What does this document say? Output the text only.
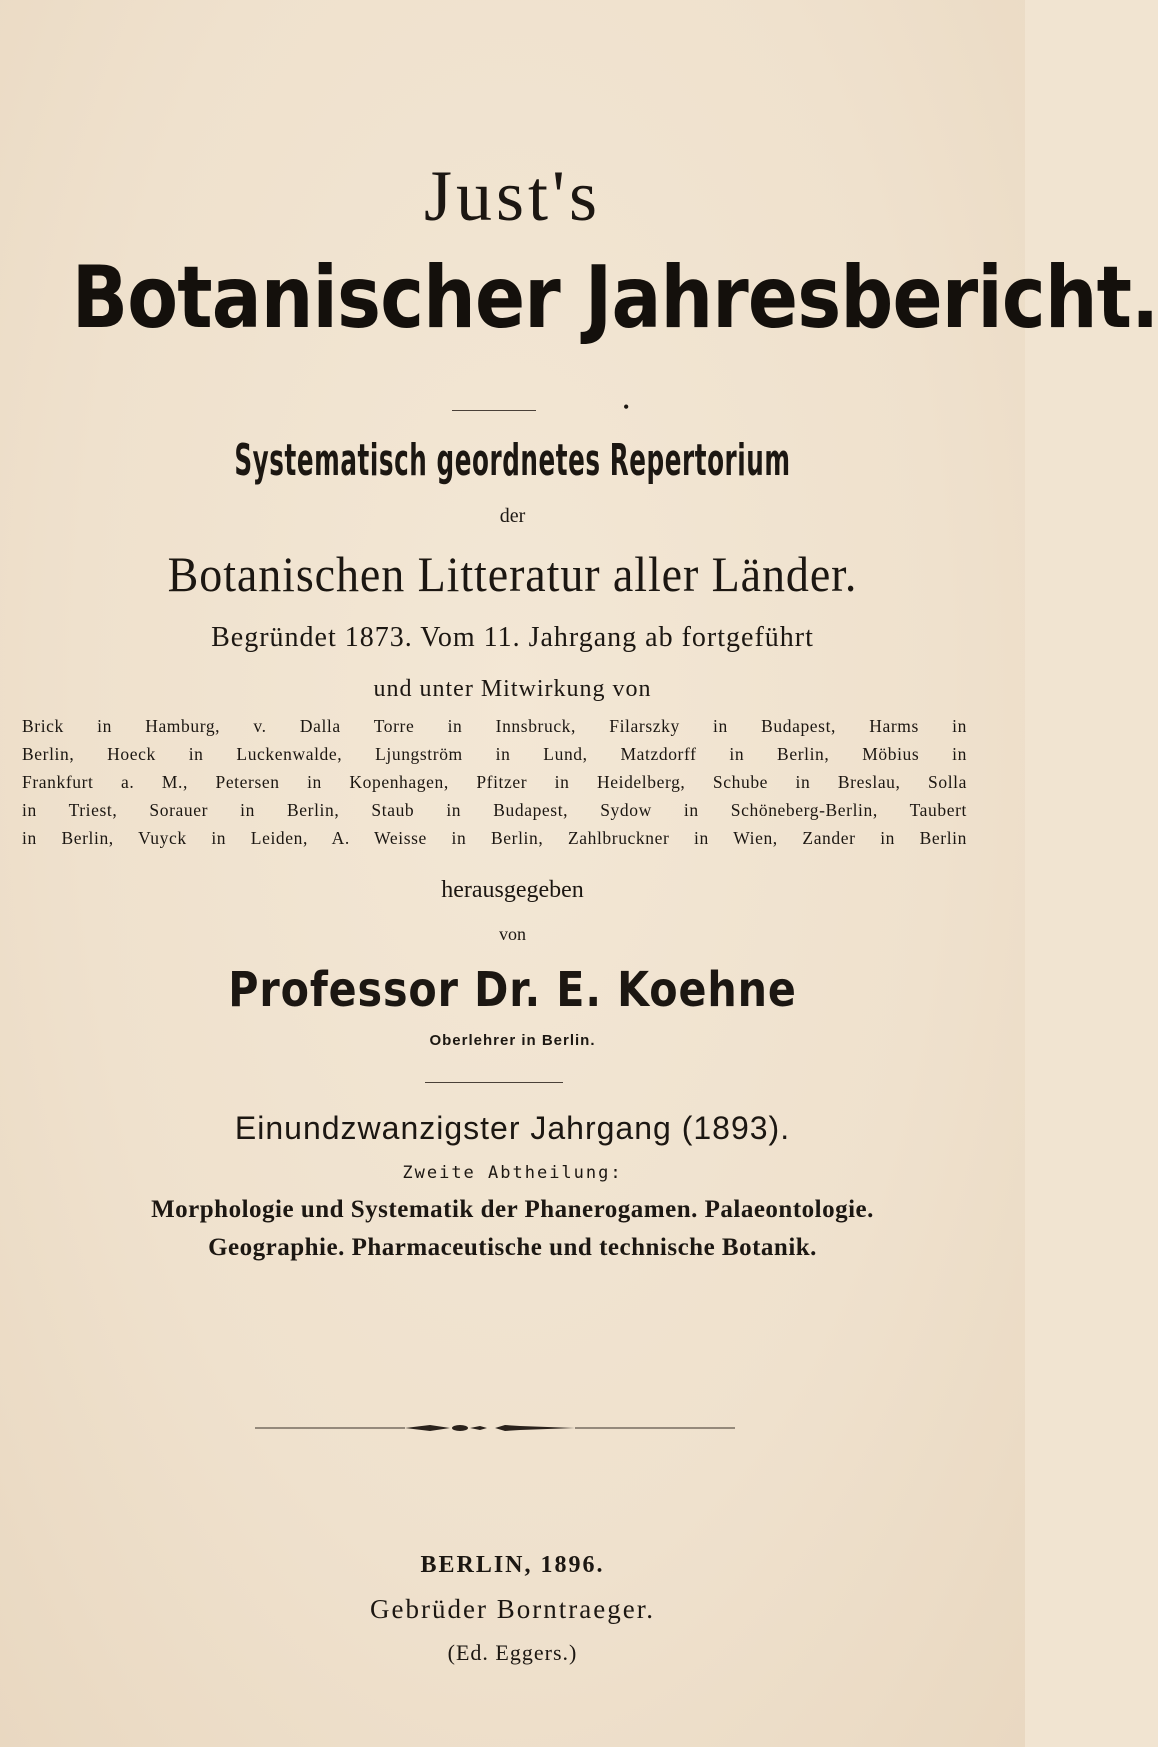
Just's
Botanischer Jahresbericht.
•
Systematisch geordnetes Repertorium
der
Botanischen Litteratur aller Länder.
Begründet 1873. Vom 11. Jahrgang ab fortgeführt
und unter Mitwirkung von
Brick in Hamburg, v. Dalla Torre in Innsbruck, Filarszky in Budapest, Harms in
Berlin, Hoeck in Luckenwalde, Ljungström in Lund, Matzdorff in Berlin, Möbius in
Frankfurt a. M., Petersen in Kopenhagen, Pfitzer in Heidelberg, Schube in Breslau, Solla
in Triest, Sorauer in Berlin, Staub in Budapest, Sydow in Schöneberg-Berlin, Taubert
in Berlin, Vuyck in Leiden, A. Weisse in Berlin, Zahlbruckner in Wien, Zander in Berlin
herausgegeben
von
Professor Dr. E. Koehne
Oberlehrer in Berlin.
Einundzwanzigster Jahrgang (1893).
Zweite Abtheilung:
Morphologie und Systematik der Phanerogamen. Palaeontologie.
Geographie. Pharmaceutische und technische Botanik.
BERLIN, 1896.
Gebrüder Borntraeger.
(Ed. Eggers.)
